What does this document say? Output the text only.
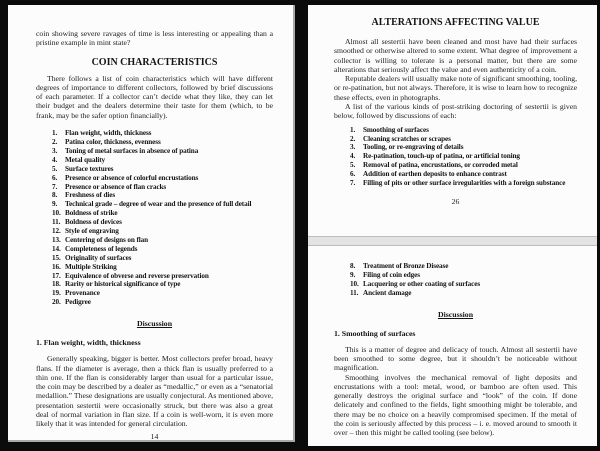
coin showing severe ravages of time is less interesting or appealing than a pristine example in mint state?

COIN CHARACTERISTICS

There follows a list of coin characteristics which will have different degrees of importance to different collectors, followed by brief discussions of each parameter. If a collector can’t decide what they like, they can let their budget and the dealers determine their taste for them (which, to be frank, may be the safer option financially).

1.	Flan weight, width, thickness
2.	Patina color, thickness, evenness
3.	Toning of metal surfaces in absence of patina
4.	Metal quality
5.	Surface textures
6.	Presence or absence of colorful encrustations
7.	Presence or absence of flan cracks
8.	Freshness of dies
9.	Technical grade – degree of wear and the presence of full detail
10. Boldness of strike
11. Boldness of devices
12. Style of engraving
13. Centering of designs on flan
14. Completeness of legends
15. Originality of surfaces
16. Multiple Striking
17. Equivalence of obverse and reverse preservation
18. Rarity or historical significance of type
19. Provenance
20. Pedigree
Discussion
1. Flan weight, width, thickness

Generally speaking, bigger is better. Most collectors prefer broad, heavy flans. If the diameter is average, then a thick flan is usually preferred to a thin one. If the flan is considerably larger than usual for a particular issue, the coin may be described by a dealer as “medallic,” or even as a “senatorial medallion.” These designations are usually conjectural. As mentioned above, presentation sestertii were occasionally struck, but there was also a great deal of normal variation in flan size. If a coin is well-worn, it is even more likely that it was intended for general circulation.

14
ALTERATIONS AFFECTING VALUE

Almost all sestertii have been cleaned and most have had their surfaces smoothed or otherwise altered to some extent. What degree of improvement a collector is willing to tolerate is a personal matter, but there are some alterations that seriously affect the value and even authenticity of a coin.

Reputable dealers will usually make note of significant smoothing, tooling, or re-patination, but not always. Therefore, it is wise to learn how to recognize these effects, even in photographs.

A list of the various kinds of post-striking doctoring of sestertii is given below, followed by discussions of each:

1.	Smoothing of surfaces
2.	Cleaning scratches or scrapes
3.	Tooling, or re-engraving of details
4.	Re-patination, touch-up of patina, or artificial toning
5.	Removal of patina, encrustations, or corroded metal
6.	Addition of earthen deposits to enhance contrast
7.	Filling of pits or other surface irregularities with a foreign substance
26
8.	Treatment of Bronze Disease
9.	Filing of coin edges
10. Lacquering or other coating of surfaces
11. Ancient damage
Discussion
1. Smoothing of surfaces

This is a matter of degree and delicacy of touch. Almost all sestertii have been smoothed to some degree, but it shouldn’t be noticeable without magnification.

Smoothing involves the mechanical removal of light deposits and encrustations with a tool: metal, wood, or bamboo are often used. This generally destroys the original surface and “look” of the coin. If done delicately and confined to the fields, light smoothing might be tolerable, and there may be no choice on a heavily compromised specimen. If the metal of the coin is seriously affected by this process – i. e. moved around to smooth it over – then this might be called tooling (see below).
